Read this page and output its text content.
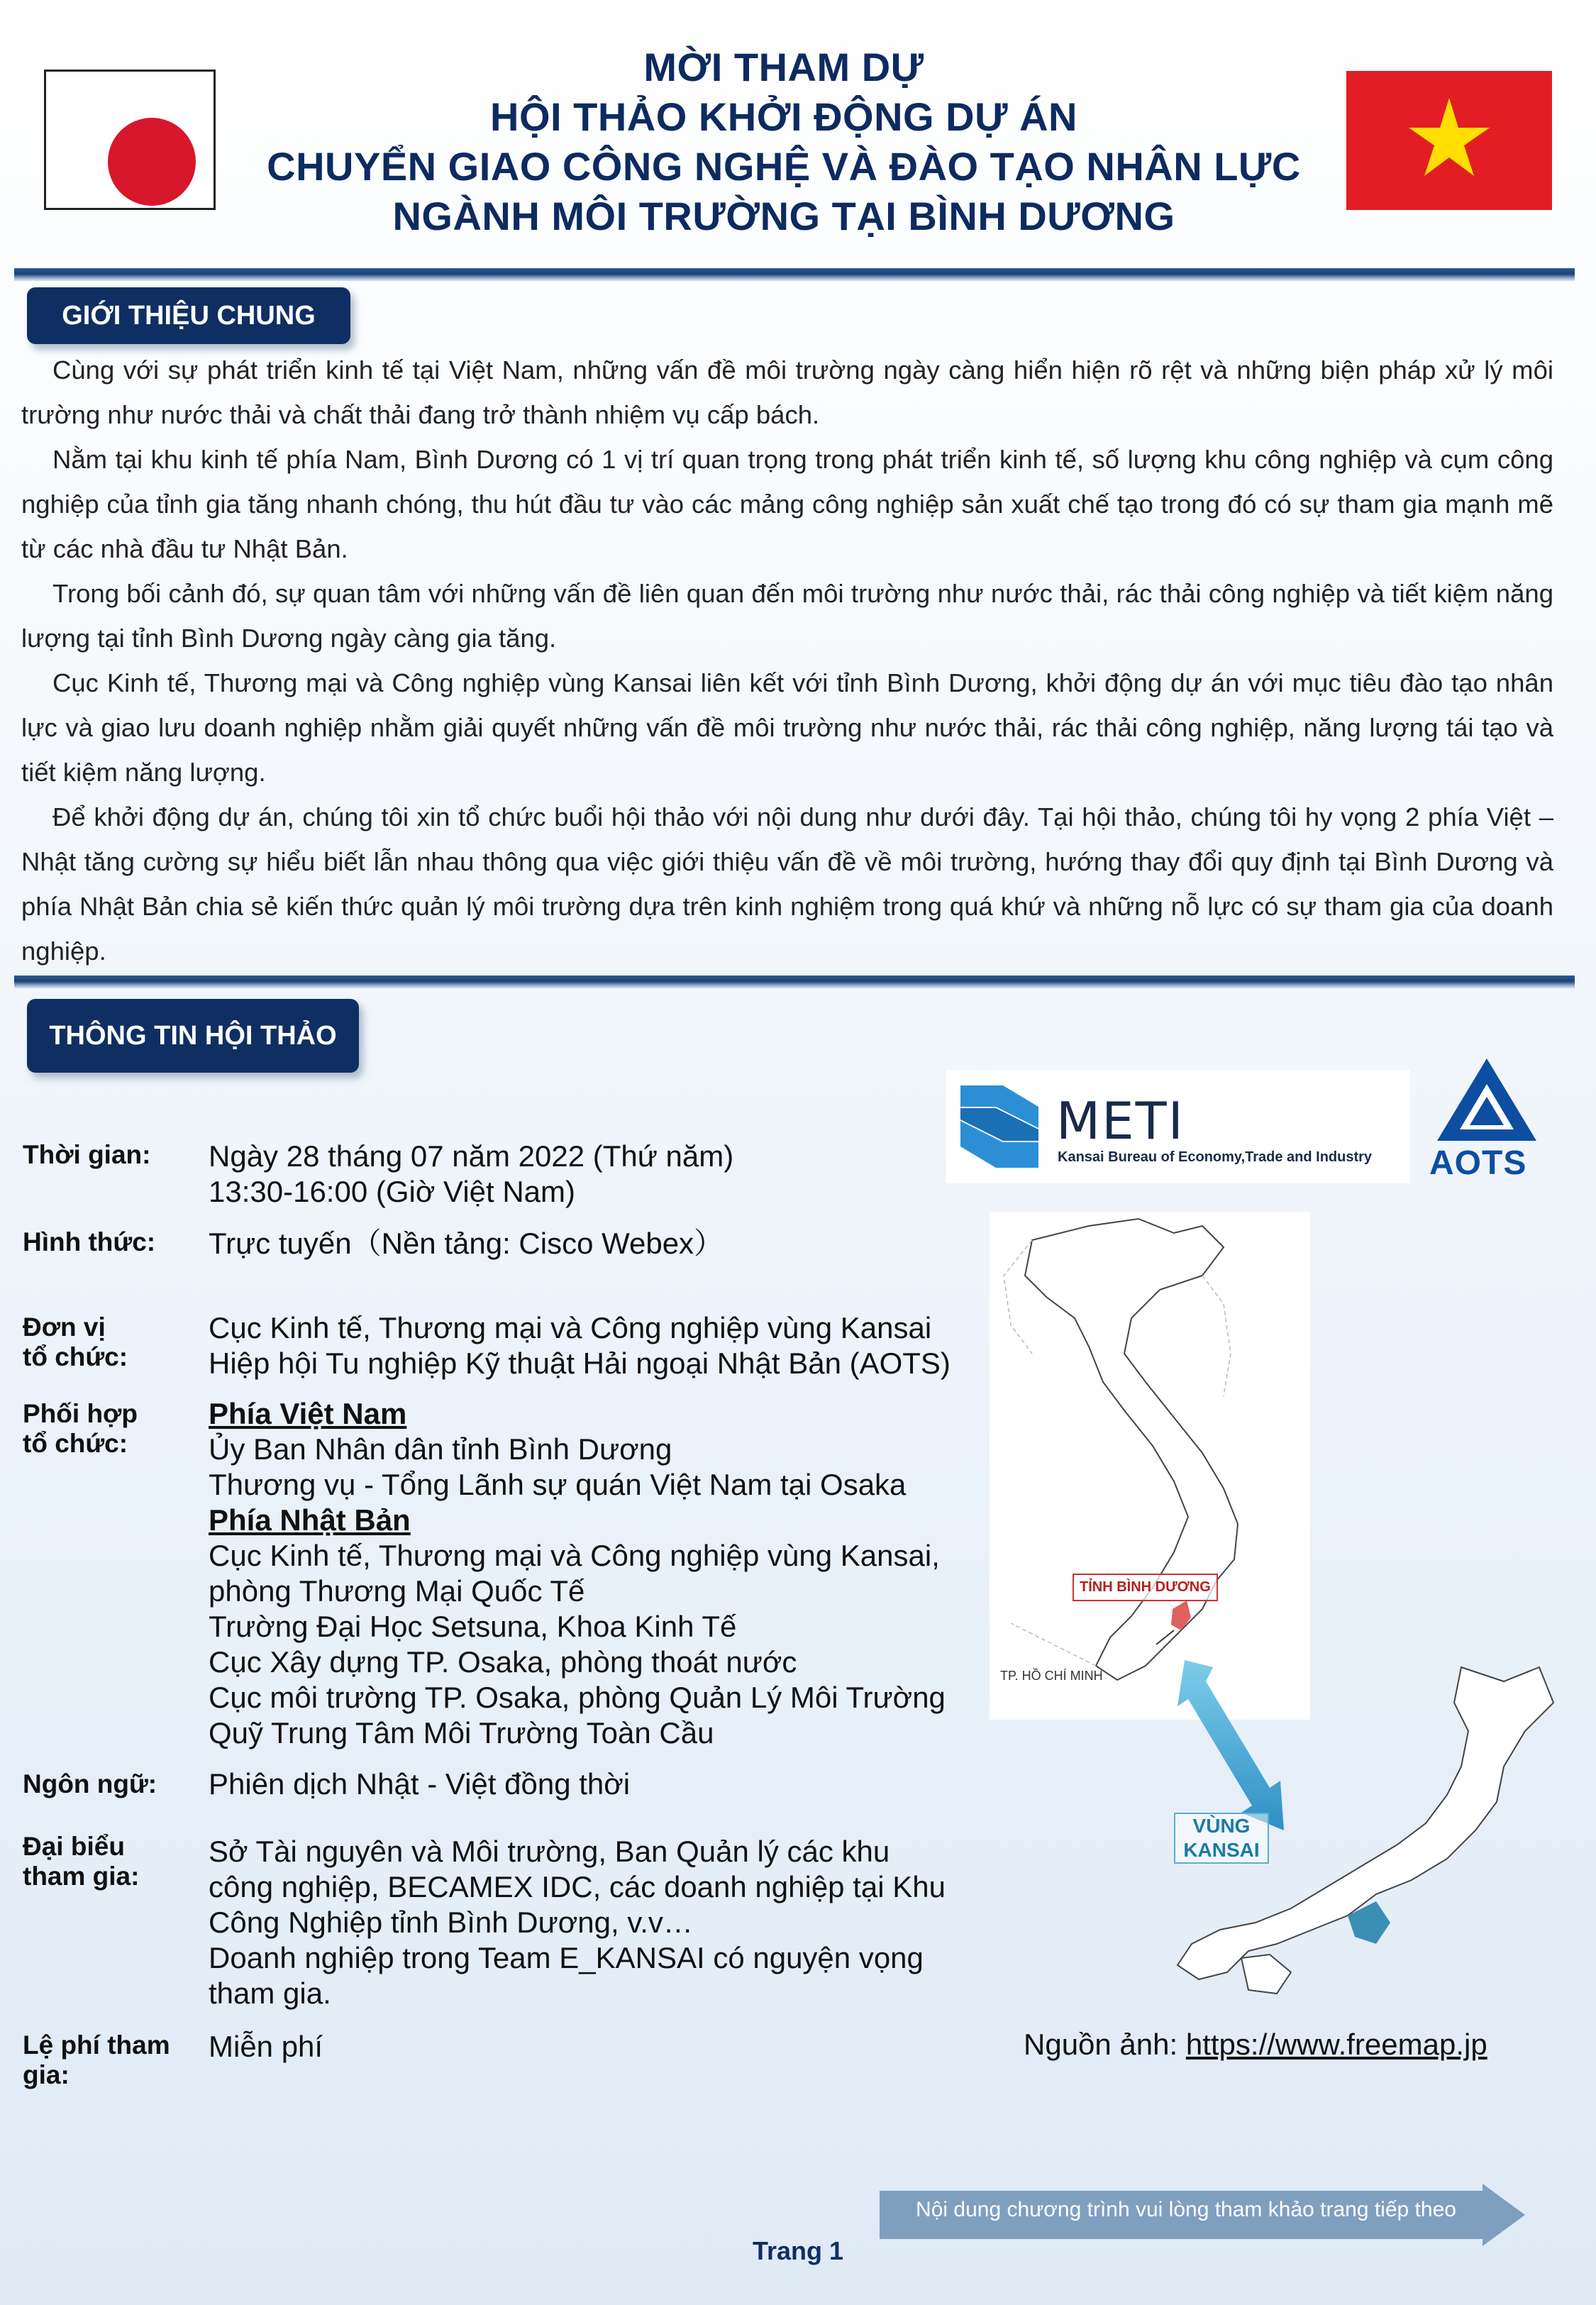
MỜI THAM DỰ
HỘI THẢO KHỞI ĐỘNG DỰ ÁN
CHUYỂN GIAO CÔNG NGHỆ VÀ ĐÀO TẠO NHÂN LỰC
NGÀNH MÔI TRƯỜNG TẠI BÌNH DƯƠNG
GIỚI THIỆU CHUNG

Cùng với sự phát triển kinh tế tại Việt Nam, những vấn đề môi trường ngày càng hiển hiện rõ rệt và những biện pháp xử lý môi trường như nước thải và chất thải đang trở thành nhiệm vụ cấp bách.

Nằm tại khu kinh tế phía Nam, Bình Dương có 1 vị trí quan trọng trong phát triển kinh tế, số lượng khu công nghiệp và cụm công nghiệp của tỉnh gia tăng nhanh chóng, thu hút đầu tư vào các mảng công nghiệp sản xuất chế tạo trong đó có sự tham gia mạnh mẽ từ các nhà đầu tư Nhật Bản.

Trong bối cảnh đó, sự quan tâm với những vấn đề liên quan đến môi trường như nước thải, rác thải công nghiệp và tiết kiệm năng lượng tại tỉnh Bình Dương ngày càng gia tăng.

Cục Kinh tế, Thương mại và Công nghiệp vùng Kansai liên kết với tỉnh Bình Dương, khởi động dự án với mục tiêu đào tạo nhân lực và giao lưu doanh nghiệp nhằm giải quyết những vấn đề môi trường như nước thải, rác thải công nghiệp, năng lượng tái tạo và tiết kiệm năng lượng.

Để khởi động dự án, chúng tôi xin tổ chức buổi hội thảo với nội dung như dưới đây. Tại hội thảo, chúng tôi hy vọng 2 phía Việt – Nhật tăng cường sự hiểu biết lẫn nhau thông qua việc giới thiệu vấn đề về môi trường, hướng thay đổi quy định tại Bình Dương và phía Nhật Bản chia sẻ kiến thức quản lý môi trường dựa trên kinh nghiệm trong quá khứ và những nỗ lực có sự tham gia của doanh nghiệp.

THÔNG TIN HỘI THẢO
Thời gian: Ngày 28 tháng 07 năm 2022 (Thứ năm)
13:30-16:00 (Giờ Việt Nam)
Hình thức: Trực tuyến（Nền tảng: Cisco Webex）
Đơn vị
tổ chức:
Cục Kinh tế, Thương mại và Công nghiệp vùng Kansai
Hiệp hội Tu nghiệp Kỹ thuật Hải ngoại Nhật Bản (AOTS)
Phối hợp
tổ chức:
Phía Việt Nam
Ủy Ban Nhân dân tỉnh Bình Dương
Thương vụ - Tổng Lãnh sự quán Việt Nam tại Osaka
Phía Nhật Bản
Cục Kinh tế, Thương mại và Công nghiệp vùng Kansai,
phòng Thương Mại Quốc Tế
Trường Đại Học Setsuna, Khoa Kinh Tế
Cục Xây dựng TP. Osaka, phòng thoát nước
Cục môi trường TP. Osaka, phòng Quản Lý Môi Trường
Quỹ Trung Tâm Môi Trường Toàn Cầu
Ngôn ngữ: Phiên dịch Nhật - Việt đồng thời
Đại biểu
tham gia:
Sở Tài nguyên và Môi trường, Ban Quản lý các khu
công nghiệp, BECAMEX IDC, các doanh nghiệp tại Khu
Công Nghiệp tỉnh Bình Dương, v.v…
Doanh nghiệp trong Team E_KANSAI có nguyện vọng
tham gia.
Lệ phí tham
gia:
Miễn phí
METI
Kansai Bureau of Economy,Trade and Industry AOTS
TỈNH BÌNH DƯƠNG
TP. HỒ CHÍ MINH
VÙNG KANSAI
Nguồn ảnh: https://www.freemap.jp
Nội dung chương trình vui lòng tham khảo trang tiếp theo
Trang 1
